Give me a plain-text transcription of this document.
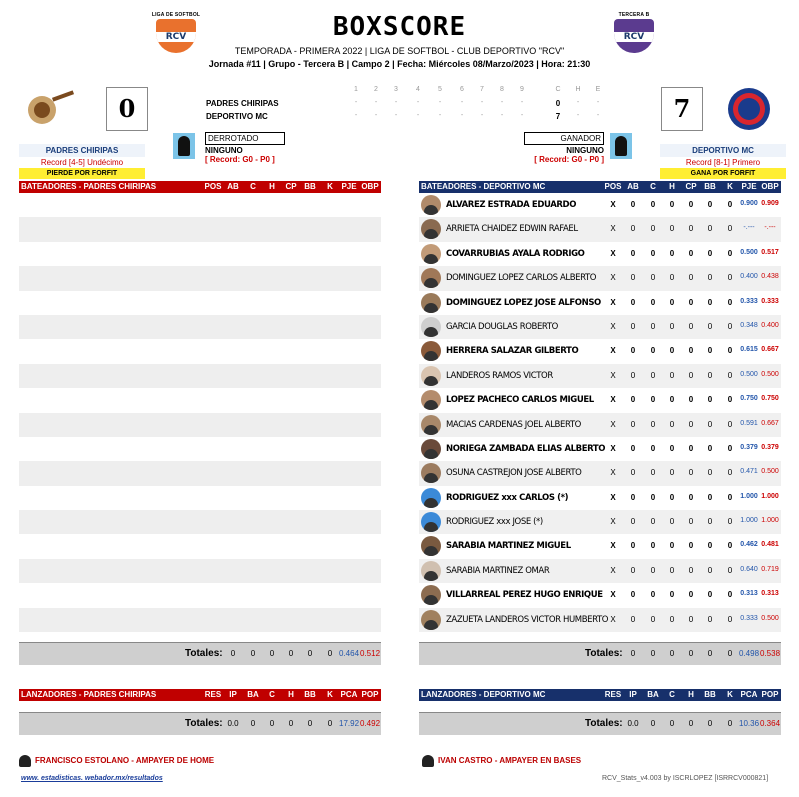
LIGA DE SOFTBOL
RCV
TERCERA B
RCV
BOXSCORE
TEMPORADA - PRIMERA 2022 | LIGA DE SOFTBOL - CLUB DEPORTIVO "RCV"
Jornada #11 | Grupo - Tercera B | Campo 2 | Fecha: Miércoles 08/Marzo/2023 | Hora: 21:30
0	7
1	2	3	4	5	6	7	8	9	C	H	E
PADRES CHIRIPAS	-	-	-	-	-	-	-	-	-	0	-	-
DEPORTIVO MC	-	-	-	-	-	-	-	-	-	7	-	-
DERROTADO
NINGUNO
[ Record: G0 - P0 ]
GANADOR
NINGUNO
[ Record: G0 - P0 ]
PADRES CHIRIPAS
Record [4-5] Undécimo
PIERDE POR FORFIT
DEPORTIVO MC
Record [8-1] Primero
GANA POR FORFIT
BATEADORES - PADRES CHIRIPAS	POS AB	C	H	CP BB	K	PJE OBP	BATEADORES - DEPORTIVO MC	POS AB	C	H	CP BB	K	PJE OBP
ALVAREZ ESTRADA EDUARDO	X	0	0	0	0	0	0	0.900 0.909
ARRIETA CHAIDEZ EDWIN RAFAEL	X	0	0	0	0	0	0	-.---	-.---
COVARRUBIAS AYALA RODRIGO	X	0	0	0	0	0	0	0.500 0.517
DOMINGUEZ LOPEZ CARLOS ALBERTO	X	0	0	0	0	0	0	0.400 0.438
DOMINGUEZ LOPEZ JOSE ALFONSO	X	0	0	0	0	0	0	0.333 0.333
GARCIA DOUGLAS ROBERTO	X	0	0	0	0	0	0	0.348 0.400
HERRERA SALAZAR GILBERTO	X	0	0	0	0	0	0	0.615 0.667
LANDEROS RAMOS VICTOR	X	0	0	0	0	0	0	0.500 0.500
LOPEZ PACHECO CARLOS MIGUEL	X	0	0	0	0	0	0	0.750 0.750
MACIAS CARDENAS JOEL ALBERTO	X	0	0	0	0	0	0	0.591 0.667
NORIEGA ZAMBADA ELIAS ALBERTO X	0	0	0	0	0	0	0.379 0.379
OSUNA CASTREJON JOSE ALBERTO	X	0	0	0	0	0	0	0.471 0.500
RODRIGUEZ xxx CARLOS (*)	X	0	0	0	0	0	0	1.000 1.000
RODRIGUEZ xxx JOSE (*)	X	0	0	0	0	0	0	1.000 1.000
SARABIA MARTINEZ MIGUEL	X	0	0	0	0	0	0	0.462 0.481
SARABIA MARTINEZ OMAR	X	0	0	0	0	0	0	0.640 0.719
VILLARREAL PEREZ HUGO ENRIQUE X	0	0	0	0	0	0	0.313 0.313
ZAZUETA LANDEROS VICTOR HUMBERTO X	0	0	0	0	0	0	0.333 0.500
Totales:	0	0	0	0	0	0 0.464 0.512	Totales:	0	0	0	0	0	0 0.498 0.538
LANZADORES - PADRES CHIRIPAS	RES	IP	BA	C	H	BB	K PCA POP	LANZADORES - DEPORTIVO MC	RES	IP	BA	C	H	BB	K PCA POP
Totales: 0.0	0	0	0	0	0 17.92 0.492	Totales: 0.0	0	0	0	0	0 10.36 0.364
FRANCISCO ESTOLANO - AMPAYER DE HOME	IVAN CASTRO - AMPAYER EN BASES
www. estadisticas. webador.mx/resultados	RCV_Stats_v4.003 by ISCRLOPEZ [ISRRCV000821]
